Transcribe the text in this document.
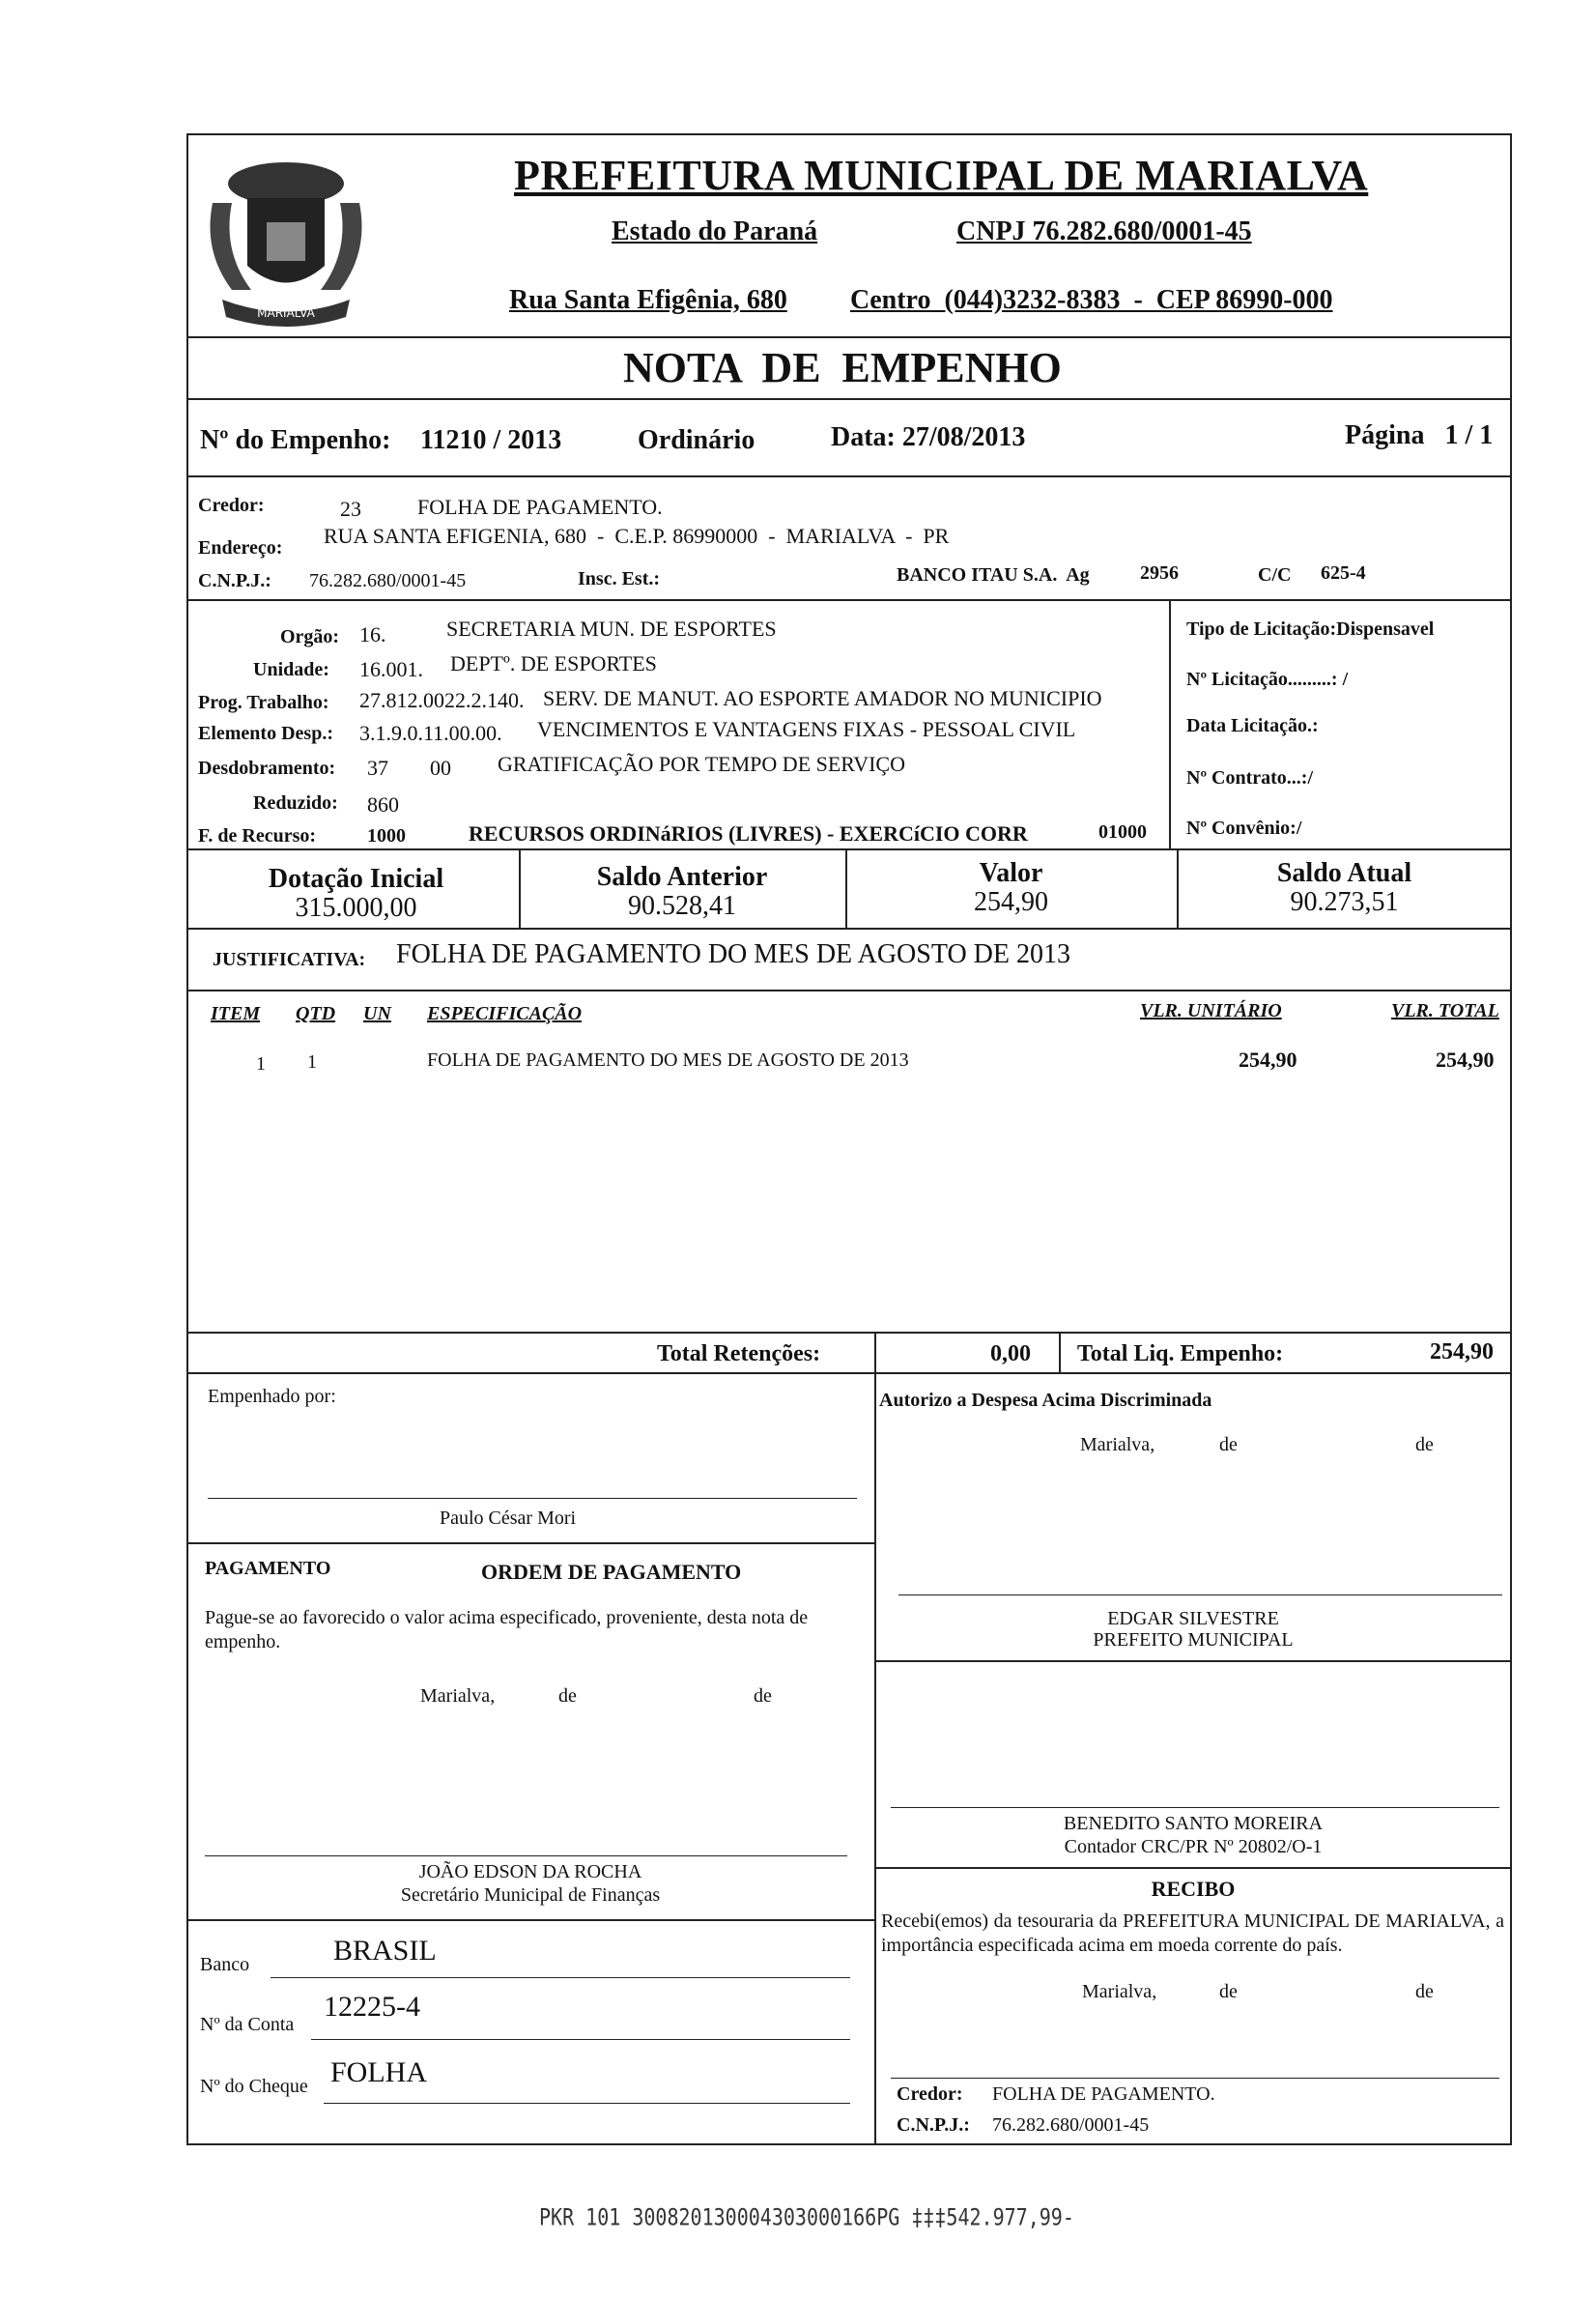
MARIALVA
PREFEITURA MUNICIPAL DE MARIALVA
Estado do Paraná	CNPJ 76.282.680/0001-45
Rua Santa Efigênia, 680 Centro  (044)3232-8383  -  CEP 86990-000
NOTA  DE  EMPENHO
Nº do Empenho: 11210 / 2013	Ordinário	Data: 27/08/2013	Página   1 / 1
Credor:	23	FOLHA DE PAGAMENTO.
Endereço: RUA SANTA EFIGENIA, 680  -  C.E.P. 86990000  -  MARIALVA  -  PR
C.N.P.J.: 76.282.680/0001-45	Insc. Est.:	BANCO ITAU S.A.  Ag	2956	C/C 625-4
Orgão: 16.	SECRETARIA MUN. DE ESPORTES
Unidade: 16.001. DEPTº. DE ESPORTES
Prog. Trabalho: 27.812.0022.2.140. SERV. DE MANUT. AO ESPORTE AMADOR NO MUNICIPIO
Elemento Desp.: 3.1.9.0.11.00.00. VENCIMENTOS E VANTAGENS FIXAS - PESSOAL CIVIL
Desdobramento: 37 00 GRATIFICAÇÃO POR TEMPO DE SERVIÇO
Reduzido: 860
F. de Recurso:	1000	RECURSOS ORDINáRIOS (LIVRES) - EXERCíCIO CORR	01000
Tipo de Licitação:Dispensavel
Nº Licitação.........: /
Data Licitação.:
Nº Contrato...:/
Nº Convênio:/
Dotação Inicial
315.000,00
Saldo Anterior
90.528,41
Valor
254,90
Saldo Atual
90.273,51
JUSTIFICATIVA: FOLHA DE PAGAMENTO DO MES DE AGOSTO DE 2013
ITEM QTD UN ESPECIFICAÇÃO	VLR. UNITÁRIO	VLR. TOTAL
1 1	FOLHA DE PAGAMENTO DO MES DE AGOSTO DE 2013	254,90	254,90
Total Retenções:	0,00 Total Liq. Empenho:	254,90
Empenhado por:
Paulo César Mori
Autorizo a Despesa Acima Discriminada
Marialva,	de	de
EDGAR SILVESTRE
PREFEITO MUNICIPAL
PAGAMENTO	ORDEM DE PAGAMENTO
Pague-se ao favorecido o valor acima especificado, proveniente, desta nota de empenho.
Marialva,	de	de
JOÃO EDSON DA ROCHA
Secretário Municipal de Finanças
BENEDITO SANTO MOREIRA
Contador CRC/PR Nº 20802/O-1
RECIBO
Recebi(emos) da tesouraria da PREFEITURA MUNICIPAL DE MARIALVA, a importância especificada acima em moeda corrente do país.
Marialva,	de	de
Credor: FOLHA DE PAGAMENTO.
C.N.P.J.: 76.282.680/0001-45
Banco	BRASIL
12225-4
Nº da Conta
Nº do Cheque FOLHA
PKR 101 300820130004303000166PG ‡‡‡542.977,99-
